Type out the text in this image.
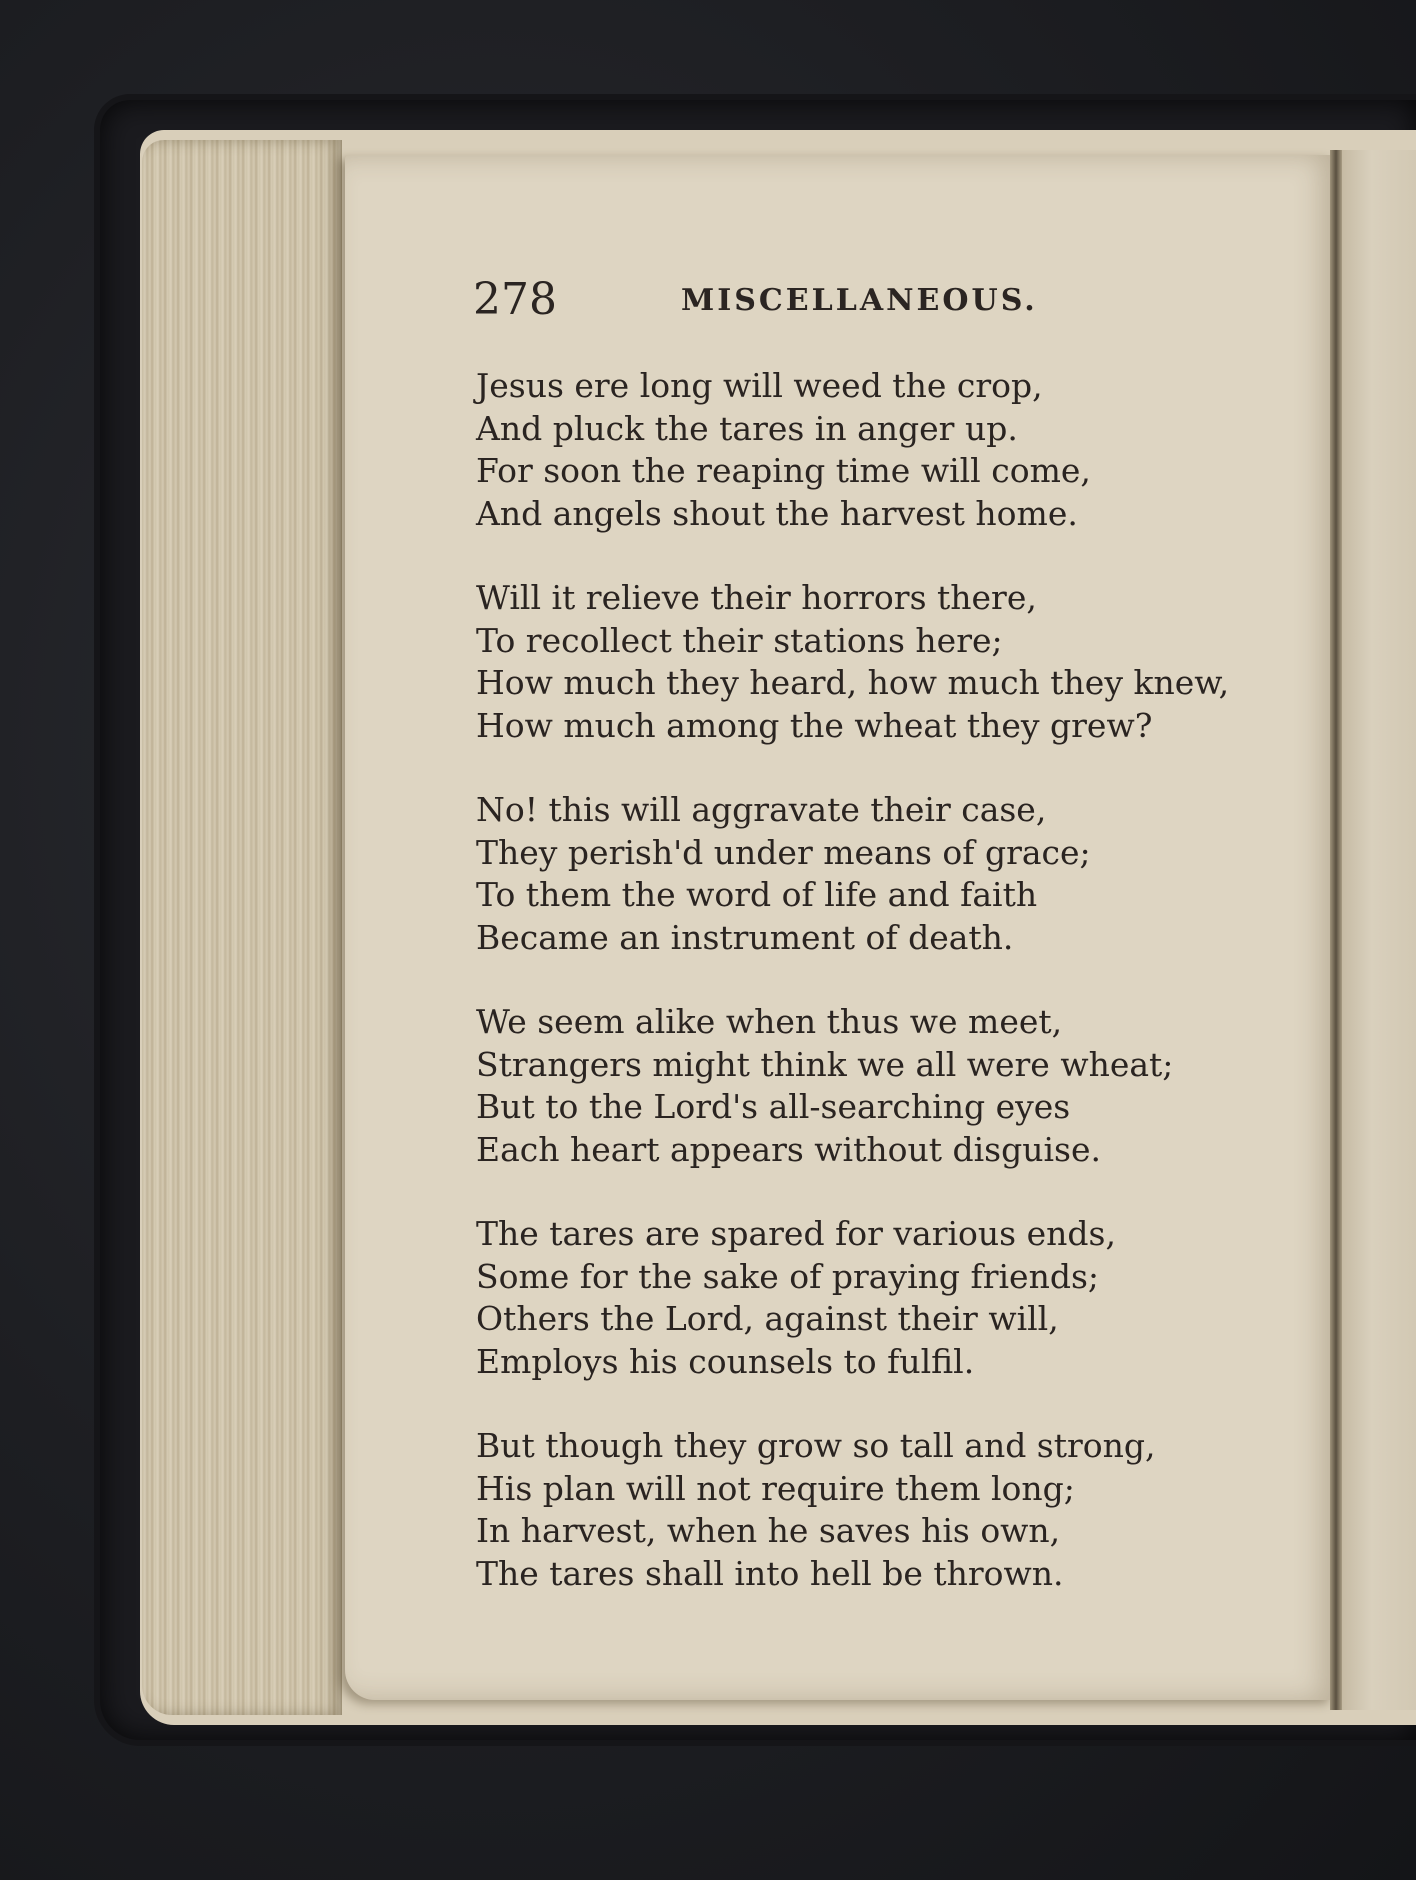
278	MISCELLANEOUS.
Jesus ere long will weed the crop,
And pluck the tares in anger up.
For soon the reaping time will come,
And angels shout the harvest home.
Will it relieve their horrors there,
To recollect their stations here;
How much they heard, how much they knew,
How much among the wheat they grew?
No! this will aggravate their case,
They perish'd under means of grace;
To them the word of life and faith
Became an instrument of death.
We seem alike when thus we meet,
Strangers might think we all were wheat;
But to the Lord's all-searching eyes
Each heart appears without disguise.
The tares are spared for various ends,
Some for the sake of praying friends;
Others the Lord, against their will,
Employs his counsels to fulfil.
But though they grow so tall and strong,
His plan will not require them long;
In harvest, when he saves his own,
The tares shall into hell be thrown.
